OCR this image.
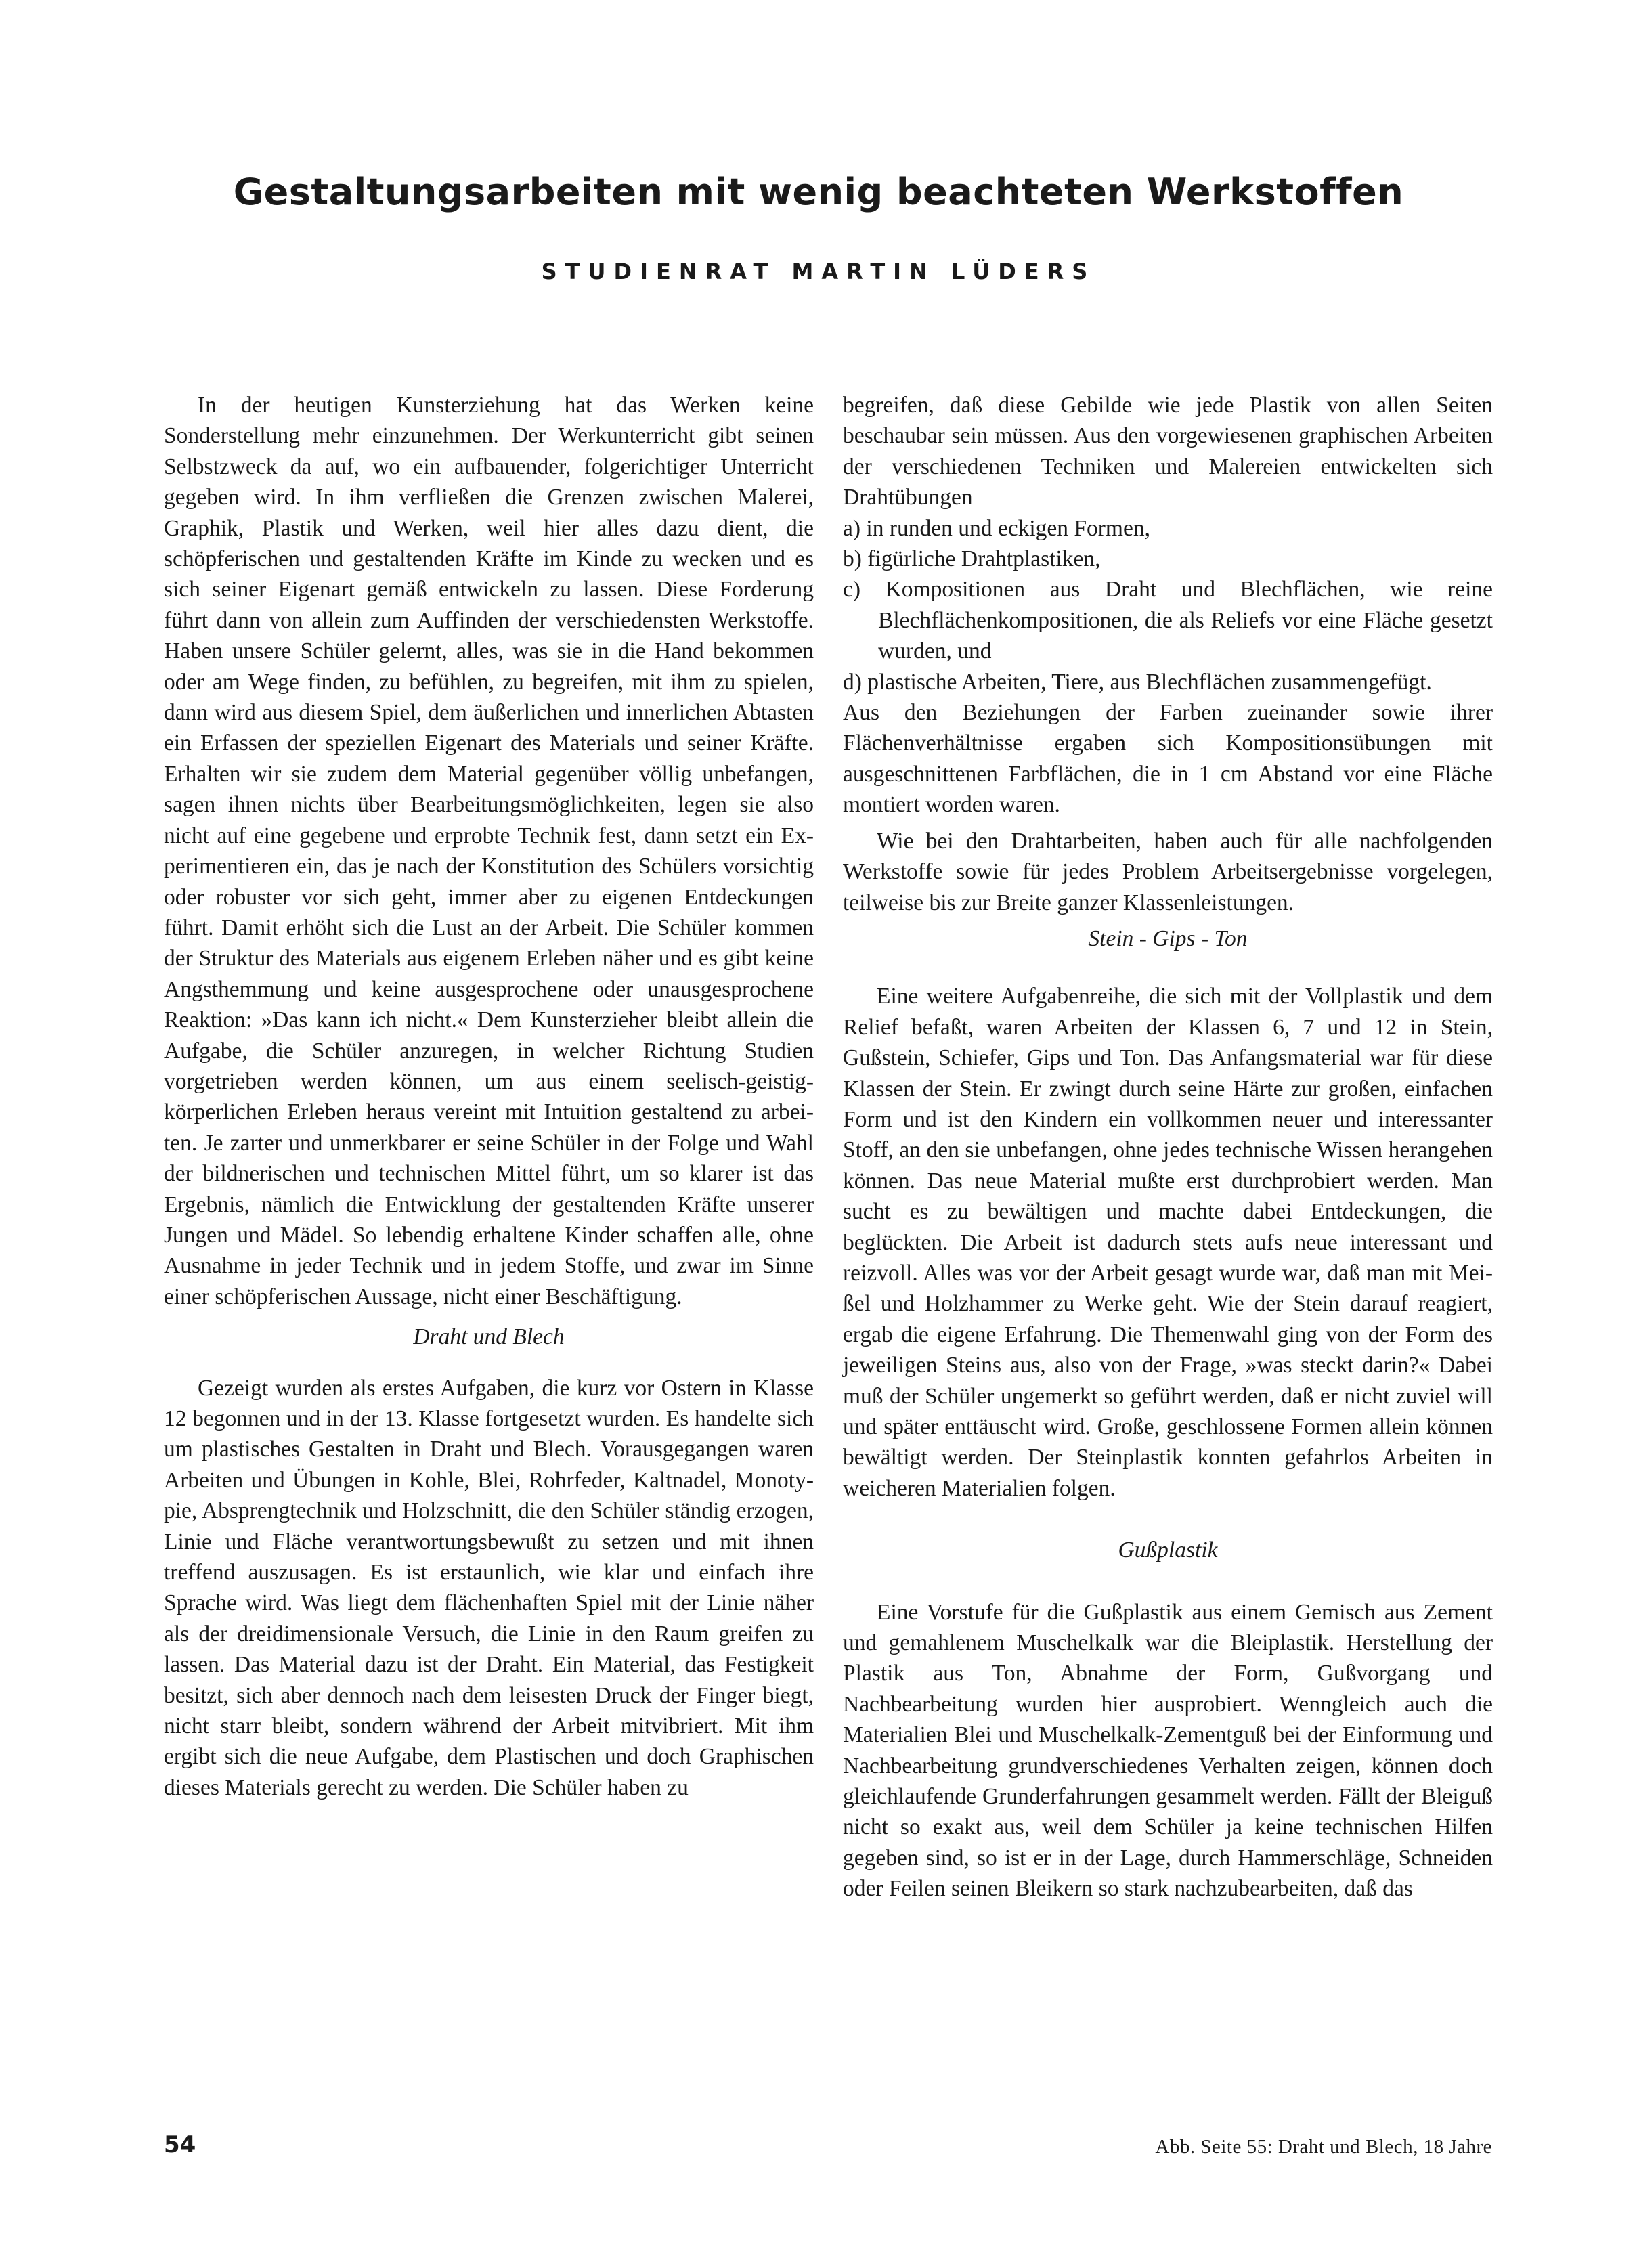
Gestaltungsarbeiten mit wenig beachteten Werkstoffen
STUDIENRAT MARTIN LÜDERS

In der heutigen Kunsterziehung hat das Werken keine Sonderstellung mehr einzunehmen. Der Werkunterricht gibt seinen Selbstzweck da auf, wo ein aufbauender, folgerichtiger Unterricht gegeben wird. In ihm verfließen die Grenzen zwischen Malerei, Graphik, Plastik und Werken, weil hier alles dazu dient, die schöpferischen und gestaltenden Kräfte im Kinde zu wecken und es sich seiner Eigenart gemäß entwickeln zu lassen. Diese Forderung führt dann von allein zum Auffinden der verschiedensten Werkstoffe. Haben unsere Schüler gelernt, alles, was sie in die Hand bekommen oder am Wege finden, zu befühlen, zu begreifen, mit ihm zu spielen, dann wird aus diesem Spiel, dem äußerlichen und innerlichen Abtasten ein Erfassen der speziellen Eigenart des Materials und seiner Kräfte. Erhalten wir sie zudem dem Material gegenüber völlig unbefangen, sagen ihnen nichts über Bearbeitungsmöglichkeiten, legen sie also nicht auf eine gegebene und erprobte Technik fest, dann setzt ein Experimentieren ein, das je nach der Konstitution des Schülers vorsichtig oder robuster vor sich geht, immer aber zu eigenen Entdeckungen führt. Damit erhöht sich die Lust an der Arbeit. Die Schüler kommen der Struktur des Materials aus eigenem Erleben näher und es gibt keine Angsthemmung und keine ausgesprochene oder unausgesprochene Reaktion: »Das kann ich nicht.« Dem Kunsterzieher bleibt allein die Aufgabe, die Schüler anzuregen, in welcher Richtung Studien vorgetrieben werden können, um aus einem seelisch-geistig-körperlichen Erleben heraus vereint mit Intuition gestaltend zu arbeiten. Je zarter und unmerkbarer er seine Schüler in der Folge und Wahl der bildnerischen und technischen Mittel führt, um so klarer ist das Ergebnis, nämlich die Entwicklung der gestaltenden Kräfte unserer Jungen und Mädel. So lebendig erhaltene Kinder schaffen alle, ohne Ausnahme in jeder Technik und in jedem Stoffe, und zwar im Sinne einer schöpferischen Aussage, nicht einer Beschäftigung.

Draht und Blech

Gezeigt wurden als erstes Aufgaben, die kurz vor Ostern in Klasse 12 begonnen und in der 13. Klasse fortgesetzt wurden. Es handelte sich um plastisches Gestalten in Draht und Blech. Vorausgegangen waren Arbeiten und Übungen in Kohle, Blei, Rohrfeder, Kaltnadel, Monotypie, Absprengtechnik und Holzschnitt, die den Schüler ständig erzogen, Linie und Fläche verantwortungsbewußt zu setzen und mit ihnen treffend auszusagen. Es ist erstaunlich, wie klar und einfach ihre Sprache wird. Was liegt dem flächenhaften Spiel mit der Linie näher als der dreidimensionale Versuch, die Linie in den Raum greifen zu lassen. Das Material dazu ist der Draht. Ein Material, das Festigkeit besitzt, sich aber dennoch nach dem leisesten Druck der Finger biegt, nicht starr bleibt, sondern während der Arbeit mitvibriert. Mit ihm ergibt sich die neue Aufgabe, dem Plastischen und doch Graphischen dieses Materials gerecht zu werden. Die Schüler haben zu

begreifen, daß diese Gebilde wie jede Plastik von allen Seiten beschaubar sein müssen. Aus den vorgewiesenen graphischen Arbeiten der verschiedenen Techniken und Malereien entwickelten sich Drahtübungen

a) in runden und eckigen Formen,
b) figürliche Drahtplastiken,
c) Kompositionen aus Draht und Blechflächen, wie reine Blechflächenkompositionen, die als Reliefs vor eine Fläche gesetzt wurden, und
d) plastische Arbeiten, Tiere, aus Blechflächen zusammengefügt.

Aus den Beziehungen der Farben zueinander sowie ihrer Flächenverhältnisse ergaben sich Kompositionsübungen mit ausgeschnittenen Farbflächen, die in 1 cm Abstand vor eine Fläche montiert worden waren.

Wie bei den Drahtarbeiten, haben auch für alle nachfolgenden Werkstoffe sowie für jedes Problem Arbeitsergebnisse vorgelegen, teilweise bis zur Breite ganzer Klassenleistungen.

Stein - Gips - Ton

Eine weitere Aufgabenreihe, die sich mit der Vollplastik und dem Relief befaßt, waren Arbeiten der Klassen 6, 7 und 12 in Stein, Gußstein, Schiefer, Gips und Ton. Das Anfangsmaterial war für diese Klassen der Stein. Er zwingt durch seine Härte zur großen, einfachen Form und ist den Kindern ein vollkommen neuer und interessanter Stoff, an den sie unbefangen, ohne jedes technische Wissen herangehen können. Das neue Material mußte erst durchprobiert werden. Man sucht es zu bewältigen und machte dabei Entdeckungen, die beglückten. Die Arbeit ist dadurch stets aufs neue interessant und reizvoll. Alles was vor der Arbeit gesagt wurde war, daß man mit Meißel und Holzhammer zu Werke geht. Wie der Stein darauf reagiert, ergab die eigene Erfahrung. Die Themenwahl ging von der Form des jeweiligen Steins aus, also von der Frage, »was steckt darin?« Dabei muß der Schüler ungemerkt so geführt werden, daß er nicht zuviel will und später enttäuscht wird. Große, geschlossene Formen allein können bewältigt werden. Der Steinplastik konnten gefahrlos Arbeiten in weicheren Materialien folgen.

Gußplastik

Eine Vorstufe für die Gußplastik aus einem Gemisch aus Zement und gemahlenem Muschelkalk war die Bleiplastik. Herstellung der Plastik aus Ton, Abnahme der Form, Gußvorgang und Nachbearbeitung wurden hier ausprobiert. Wenngleich auch die Materialien Blei und Muschelkalk-Zementguß bei der Einformung und Nachbearbeitung grundverschiedenes Verhalten zeigen, können doch gleichlaufende Grunderfahrungen gesammelt werden. Fällt der Bleiguß nicht so exakt aus, weil dem Schüler ja keine technischen Hilfen gegeben sind, so ist er in der Lage, durch Hammerschläge, Schneiden oder Feilen seinen Bleikern so stark nachzubearbeiten, daß das

54	Abb. Seite 55: Draht und Blech, 18 Jahre
